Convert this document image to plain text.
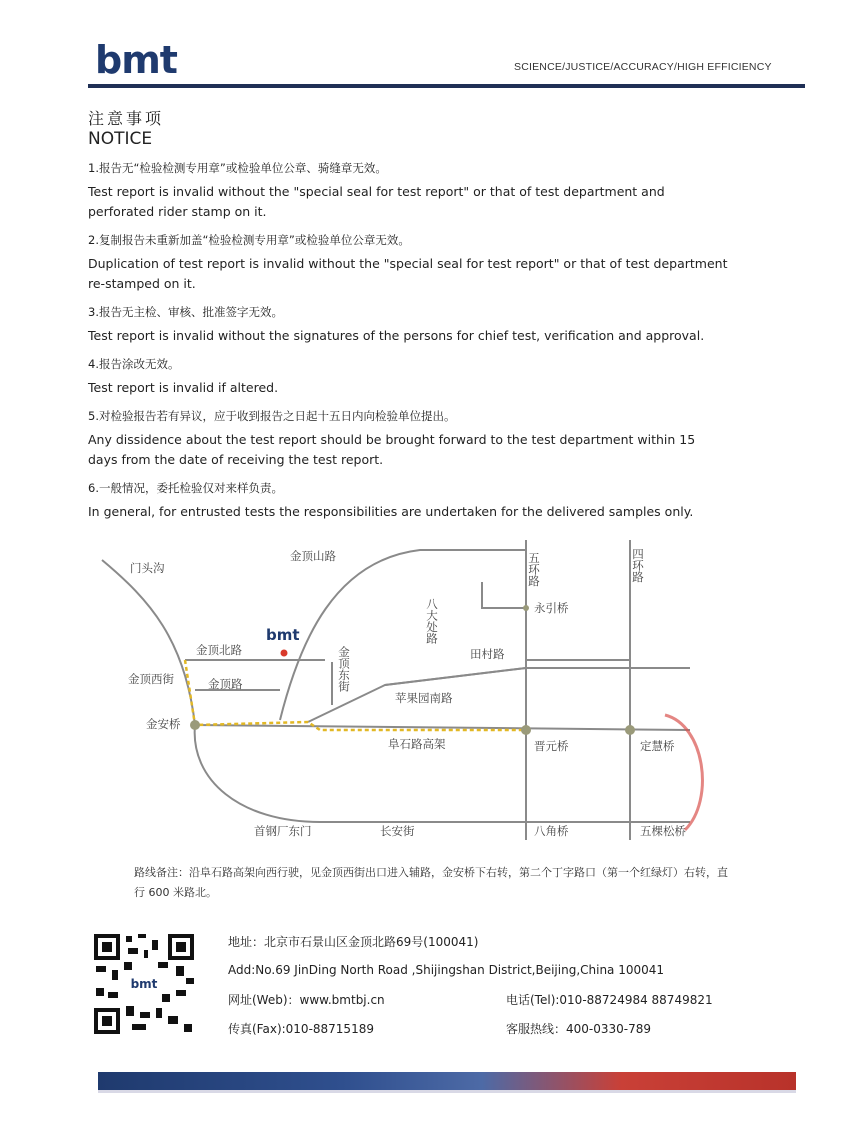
bmt	SCIENCE/JUSTICE/ACCURACY/HIGH EFFICIENCY
注意事项
NOTICE
1.报告无“检验检测专用章”或检验单位公章、骑缝章无效。
Test report is invalid without the "special seal for test report" or that of test department and perforated rider stamp on it.
2.复制报告未重新加盖“检验检测专用章”或检验单位公章无效。
Duplication of test report is invalid without the "special seal for test report" or that of test department re-stamped on it.
3.报告无主检、审核、批准签字无效。
Test report is invalid without the signatures of the persons for chief test, verification and approval.
4.报告涂改无效。
Test report is invalid if altered.
5.对检验报告若有异议，应于收到报告之日起十五日内向检验单位提出。
Any dissidence about the test report should be brought forward to the test department within 15 days from the date of receiving the test report.
6.一般情况，委托检验仅对来样负责。
In general, for entrusted tests the responsibilities are undertaken for the delivered samples only.
门头沟
金顶山路	五环路	四环路
八大处路	永引桥
bmt
金顶北路	金顶东街	田村路
金顶西街	金顶路
苹果园南路
金安桥
阜石路高架	晋元桥	定慧桥
首钢厂东门	长安街	八角桥	五棵松桥
路线备注：沿阜石路高架向西行驶，见金顶西街出口进入辅路，金安桥下右转，第二个丁字路口（第一个红绿灯）右转，直行 600 米路北。
bmt
地址：北京市石景山区金顶北路69号(100041)
Add:No.69 JinDing North Road ,Shijingshan District,Beijing,China 100041
网址(Web)：www.bmtbj.cn	电话(Tel):010-88724984 88749821
传真(Fax):010-88715189	客服热线：400-0330-789
